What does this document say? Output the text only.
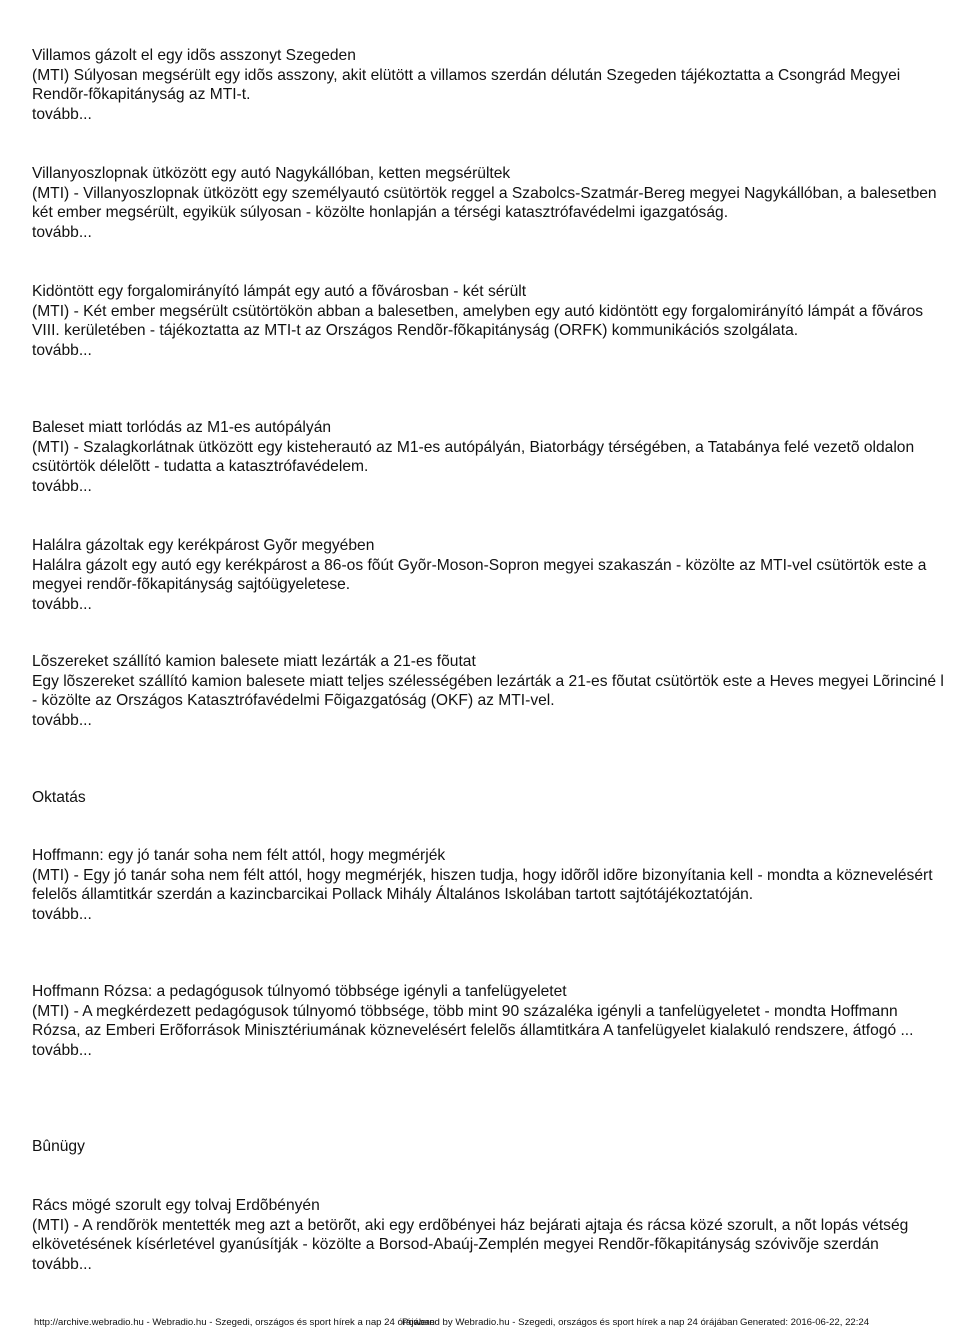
Villamos gázolt el egy idõs asszonyt Szegeden
(MTI) Súlyosan megsérült egy idõs asszony, akit elütött a villamos szerdán délután Szegeden tájékoztatta a Csongrád Megyei Rendõr-fõkapitányság az MTI-t.
tovább...
Villanyoszlopnak ütközött egy autó Nagykállóban, ketten megsérültek
(MTI) - Villanyoszlopnak ütközött egy személyautó csütörtök reggel a Szabolcs-Szatmár-Bereg megyei Nagykállóban, a balesetben két ember megsérült, egyikük súlyosan - közölte honlapján a térségi katasztrófavédelmi igazgatóság.
tovább...
Kidöntött egy forgalomirányító lámpát egy autó a fõvárosban - két sérült
(MTI) - Két ember megsérült csütörtökön abban a balesetben, amelyben egy autó kidöntött egy forgalomirányító lámpát a fõváros VIII. kerületében - tájékoztatta az MTI-t az Országos Rendõr-fõkapitányság (ORFK) kommunikációs szolgálata.
tovább...
Baleset miatt torlódás az M1-es autópályán
(MTI) - Szalagkorlátnak ütközött egy kisteherautó az M1-es autópályán, Biatorbágy térségében, a Tatabánya felé vezetõ oldalon csütörtök délelõtt - tudatta a katasztrófavédelem.
tovább...
Halálra gázoltak egy kerékpárost Gyõr megyében
Halálra gázolt egy autó egy kerékpárost a 86-os fõút Gyõr-Moson-Sopron megyei szakaszán - közölte az MTI-vel csütörtök este a megyei rendõr-fõkapitányság sajtóügyeletese.
tovább...
Lõszereket szállító kamion balesete miatt lezárták a 21-es fõutat
Egy lõszereket szállító kamion balesete miatt teljes szélességében lezárták a 21-es fõutat csütörtök este a Heves megyei Lõrinciné l - közölte az Országos Katasztrófavédelmi Fõigazgatóság (OKF) az MTI-vel.
tovább...
Oktatás
Hoffmann: egy jó tanár soha nem félt attól, hogy megmérjék
(MTI) - Egy jó tanár soha nem félt attól, hogy megmérjék, hiszen tudja, hogy idõrõl idõre bizonyítania kell - mondta a köznevelésért felelõs államtitkár szerdán a kazincbarcikai Pollack Mihály Általános Iskolában tartott sajtótájékoztatóján.
tovább...
Hoffmann Rózsa: a pedagógusok túlnyomó többsége igényli a tanfelügyeletet
(MTI) - A megkérdezett pedagógusok túlnyomó többsége, több mint 90 százaléka igényli a tanfelügyeletet - mondta Hoffmann Rózsa, az Emberi Erõforrások Minisztériumának köznevelésért felelõs államtitkára A tanfelügyelet kialakuló rendszere, átfogó ...
tovább...
Bûnügy
Rács mögé szorult egy tolvaj Erdõbényén
(MTI) - A rendõrök mentették meg azt a betörõt, aki egy erdõbényei ház bejárati ajtaja és rácsa közé szorult, a nõt lopás vétség elkövetésének kísérletével gyanúsítják - közölte a Borsod-Abaúj-Zemplén megyei Rendõr-fõkapitányság szóvivõje szerdán
tovább...
http://archive.webradio.hu - Webradio.hu - Szegedi, országos és sport hírek a nap 24 órájában
Powered by Webradio.hu - Szegedi, országos és sport hírek a nap 24 órájában Generated: 2016-06-22, 22:24
